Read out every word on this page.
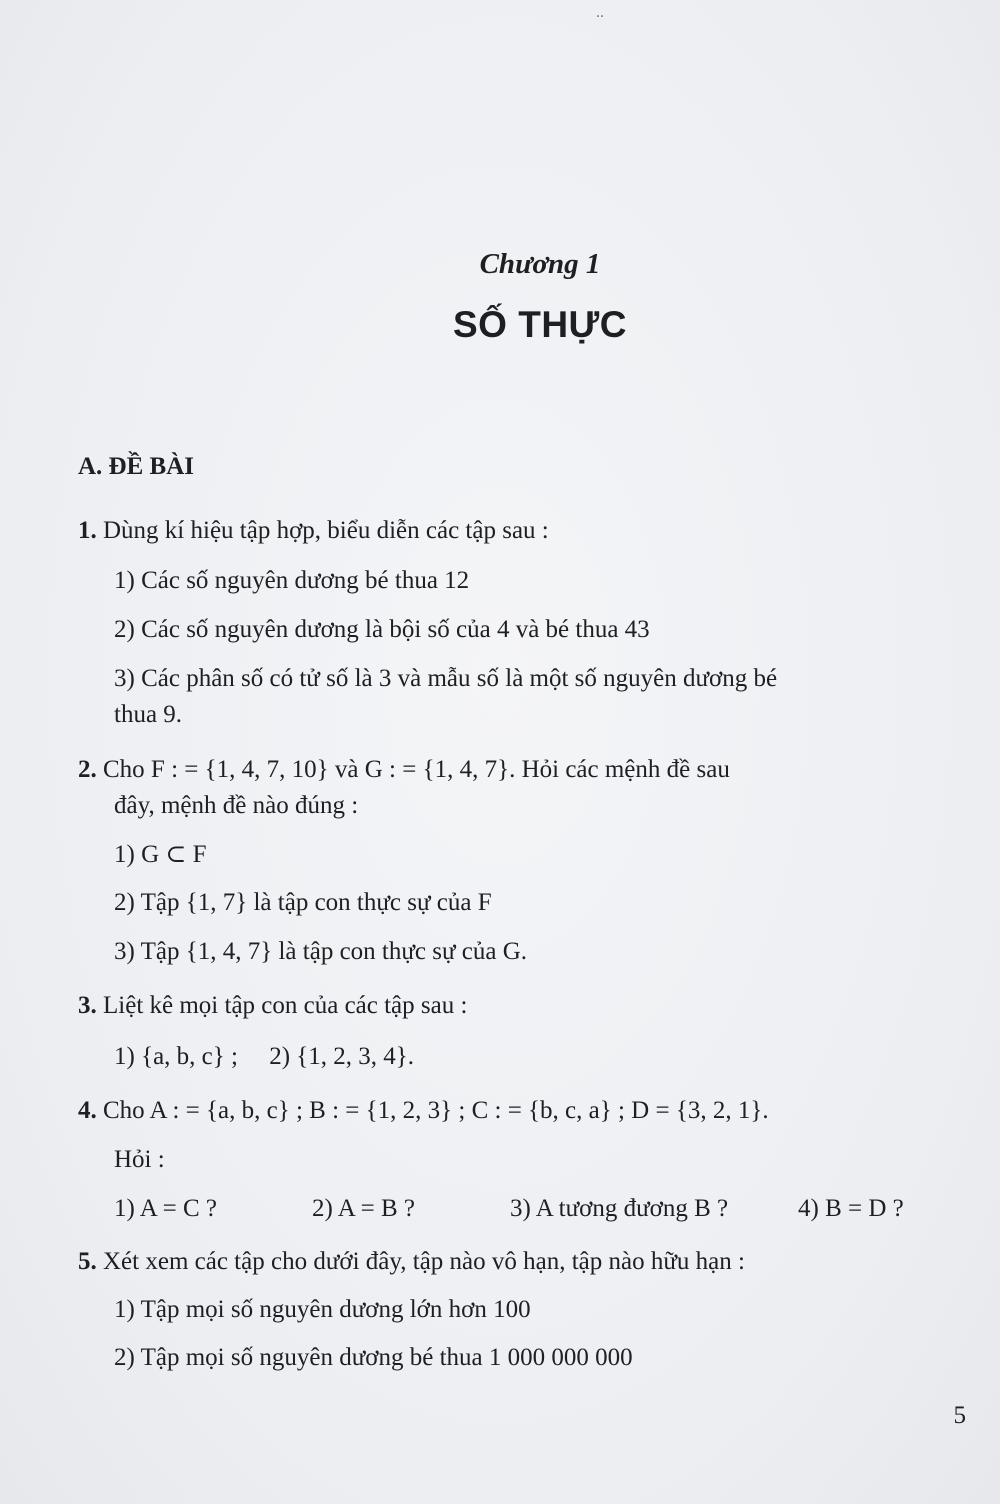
..
Chương 1
SỐ THỰC
A. ĐỀ BÀI
1. Dùng kí hiệu tập hợp, biểu diễn các tập sau :
1) Các số nguyên dương bé thua 12
2) Các số nguyên dương là bội số của 4 và bé thua 43
3) Các phân số có tử số là 3 và mẫu số là một số nguyên dương bé
thua 9.
2. Cho F : = {1, 4, 7, 10} và G : = {1, 4, 7}. Hỏi các mệnh đề sau
đây, mệnh đề nào đúng :
1) G ⊂ F
2) Tập {1, 7} là tập con thực sự của F
3) Tập {1, 4, 7} là tập con thực sự của G.
3. Liệt kê mọi tập con của các tập sau :
1) {a, b, c} ;     2) {1, 2, 3, 4}.
4. Cho A : = {a, b, c} ; B : = {1, 2, 3} ; C : = {b, c, a} ; D = {3, 2, 1}.
Hỏi :
1) A = C ?	2) A = B ?	3) A tương đương B ?	4) B = D ?
5. Xét xem các tập cho dưới đây, tập nào vô hạn, tập nào hữu hạn :
1) Tập mọi số nguyên dương lớn hơn 100
2) Tập mọi số nguyên dương bé thua 1 000 000 000
5
